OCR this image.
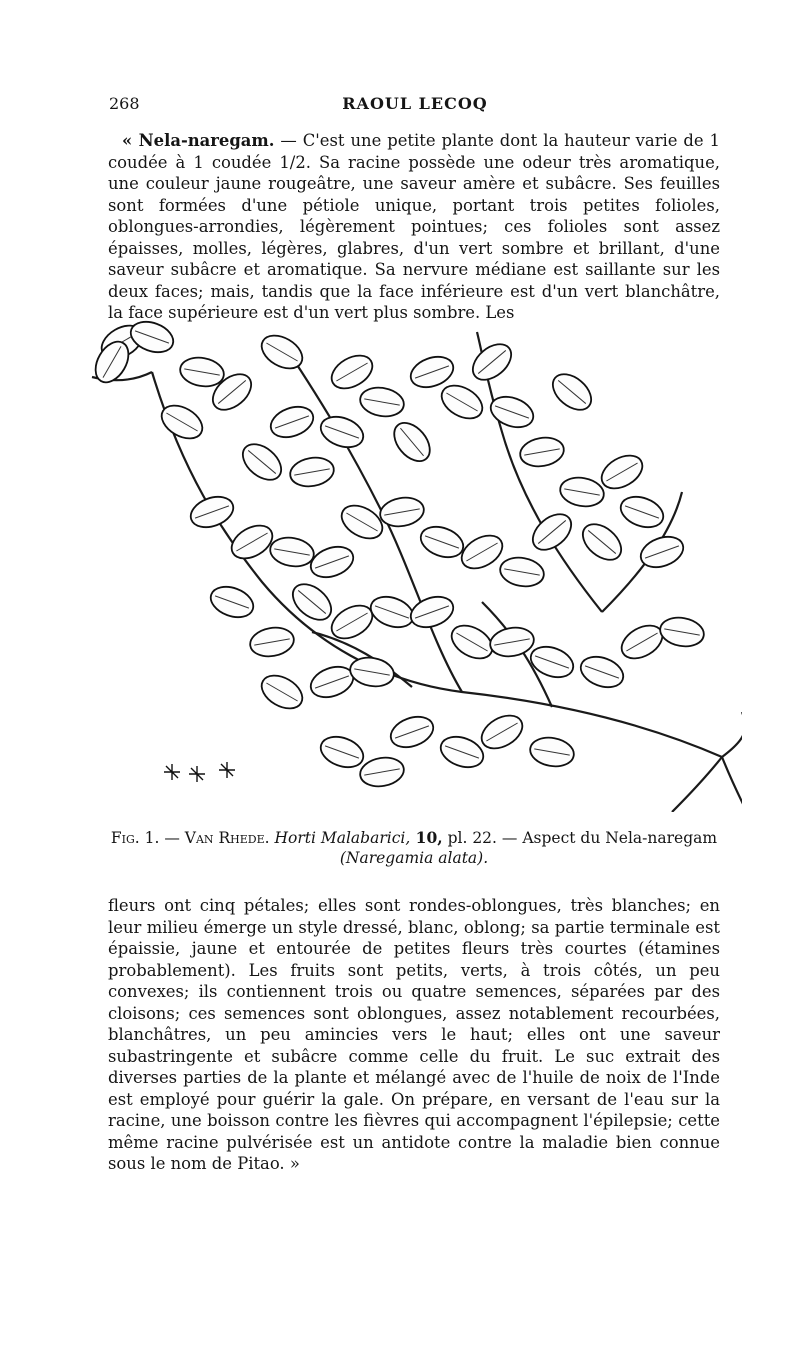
268	RAOUL LECOQ

« Nela-naregam. — C'est une petite plante dont la hauteur varie de 1 coudée à 1 coudée 1/2. Sa racine possède une odeur très aromatique, une couleur jaune rougeâtre, une saveur amère et subâcre. Ses feuilles sont formées d'une pétiole unique, portant trois petites folioles, oblongues-arrondies, légèrement pointues; ces folioles sont assez épaisses, molles, légères, glabres, d'un vert sombre et brillant, d'une saveur subâcre et aromatique. Sa nervure médiane est saillante sur les deux faces; mais, tandis que la face inférieure est d'un vert blanchâtre, la face supérieure est d'un vert plus sombre. Les

Fig. 1. — Van Rhede. Horti Malabarici, 10, pl. 22. — Aspect du Nela-naregam
(Naregamia alata).

fleurs ont cinq pétales; elles sont rondes-oblongues, très blanches; en leur milieu émerge un style dressé, blanc, oblong; sa partie terminale est épaissie, jaune et entourée de petites fleurs très courtes (étamines probablement). Les fruits sont petits, verts, à trois côtés, un peu convexes; ils contiennent trois ou quatre semences, séparées par des cloisons; ces semences sont oblongues, assez notablement recourbées, blanchâtres, un peu amincies vers le haut; elles ont une saveur subastringente et subâcre comme celle du fruit. Le suc extrait des diverses parties de la plante et mélangé avec de l'huile de noix de l'Inde est employé pour guérir la gale. On prépare, en versant de l'eau sur la racine, une boisson contre les fièvres qui accompagnent l'épilepsie; cette même racine pulvérisée est un antidote contre la maladie bien connue sous le nom de Pitao. »
